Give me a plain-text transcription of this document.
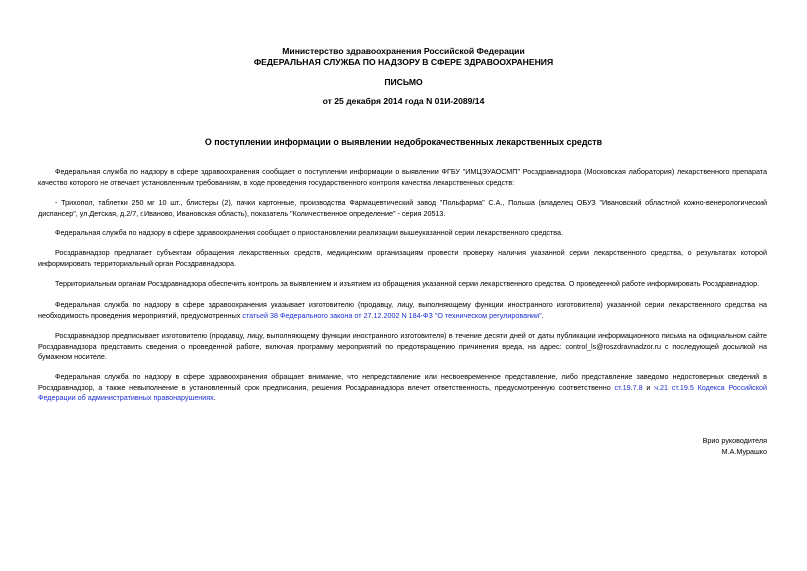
Министерство здравоохранения Российской Федерации
ФЕДЕРАЛЬНАЯ СЛУЖБА ПО НАДЗОРУ В СФЕРЕ ЗДРАВООХРАНЕНИЯ
ПИСЬМО
от 25 декабря 2014 года N 01И-2089/14
О поступлении информации о выявлении недоброкачественных лекарственных средств
Федеральная служба по надзору в сфере здравоохранения сообщает о поступлении информации о выявлении ФГБУ "ИМЦЭУАОСМП" Росздравнадзора (Московская лаборатория) лекарственного препарата качество которого не отвечает установленным требованиям, в ходе проведения государственного контроля качества лекарственных средств:
- Трихопол, таблетки 250 мг 10 шт., блистеры (2), пачки картонные, производства Фармацевтический завод "Польфарма" С.А., Польша (владелец ОБУЗ "Ивановский областной кожно-венерологический диспансер", ул.Детская, д.2/7, г.Иваново, Ивановская область), показатель "Количественное определение" - серия 20513.
Федеральная служба по надзору в сфере здравоохранения сообщает о приостановлении реализации вышеуказанной серии лекарственного средства.
Росздравнадзор предлагает субъектам обращения лекарственных средств, медицинским организациям провести проверку наличия указанной серии лекарственного средства, о результатах которой информировать территориальный орган Росздравнадзора.
Территориальным органам Росздравнадзора обеспечить контроль за выявлением и изъятием из обращения указанной серии лекарственного средства. О проведенной работе информировать Росздравнадзор.
Федеральная служба по надзору в сфере здравоохранения указывает изготовителю (продавцу, лицу, выполняющему функции иностранного изготовителя) указанной серии лекарственного средства на необходимость проведения мероприятий, предусмотренных статьей 38 Федерального закона от 27.12.2002 N 184-ФЗ "О техническом регулировании".
Росздравнадзор предписывает изготовителю (продавцу, лицу, выполняющему функции иностранного изготовителя) в течение десяти дней от даты публикации информационного письма на официальном сайте Росздравнадзора представить сведения о проведенной работе, включая программу мероприятий по предотвращению причинения вреда, на адрес: control_ls@roszdravnadzor.ru с последующей досылкой на бумажном носителе.
Федеральная служба по надзору в сфере здравоохранения обращает внимание, что непредставление или несвоевременное представление, либо представление заведомо недостоверных сведений в Росздравнадзор, а также невыполнение в установленный срок предписания, решения Росздравнадзора влечет ответственность, предусмотренную соответственно ст.19.7.8 и ч.21 ст.19.5 Кодекса Российской Федерации об административных правонарушениях.
Врио руководителя
М.А.Мурашко
